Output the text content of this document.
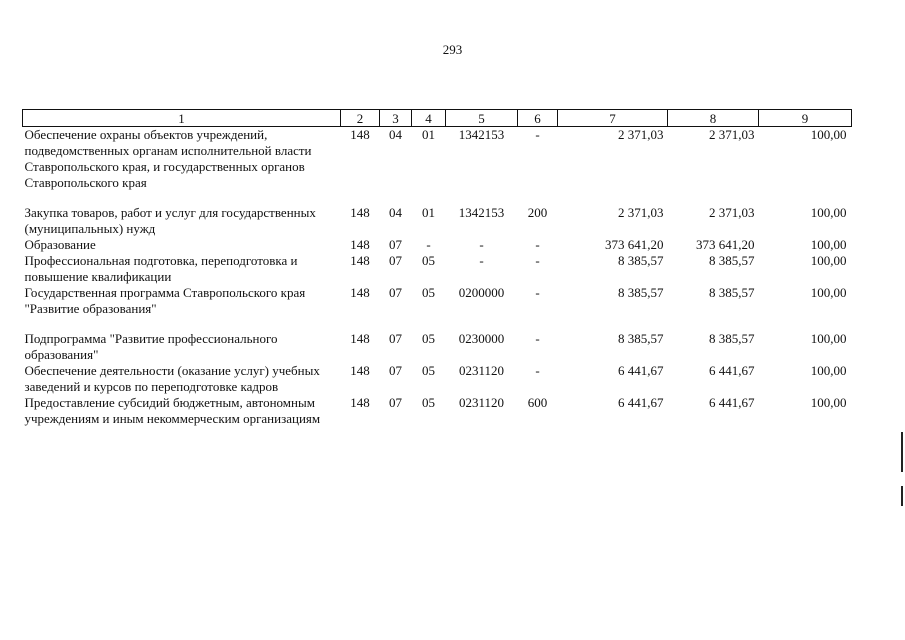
293
1	2	3	4	5	6	7	8	9
Обеспечение охраны объектов учреждений, подведомственных органам исполнительной власти Ставропольского края, и государственных органов Ставропольского края	148	04	01	1342153	-	2 371,03	2 371,03	100,00

Закупка товаров, работ и услуг для государственных (муниципальных) нужд	148	04	01	1342153	200	2 371,03	2 371,03	100,00
Образование	148	07	-	-	-	373 641,20	373 641,20	100,00
Профессиональная подготовка, переподготовка и повышение квалификации	148	07	05	-	-	8 385,57	8 385,57	100,00
Государственная программа Ставропольского края "Развитие образования"	148	07	05	0200000	-	8 385,57	8 385,57	100,00

Подпрограмма "Развитие профессионального образования"	148	07	05	0230000	-	8 385,57	8 385,57	100,00
Обеспечение деятельности (оказание услуг) учебных заведений и курсов по переподготовке кадров	148	07	05	0231120	-	6 441,67	6 441,67	100,00
Предоставление субсидий бюджетным, автономным учреждениям и иным некоммерческим организациям	148	07	05	0231120	600	6 441,67	6 441,67	100,00
